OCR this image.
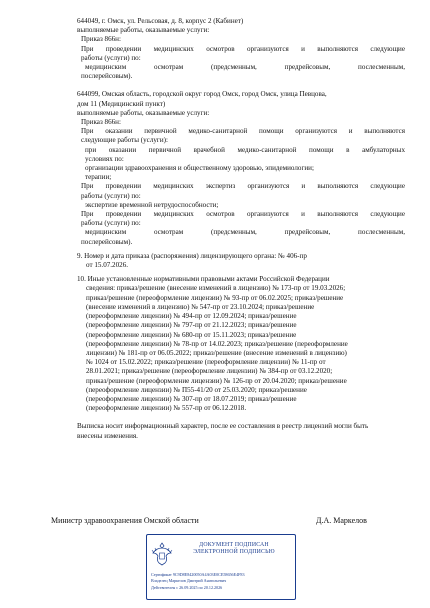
644049, г. Омск, ул. Рельсовая, д. 8, корпус 2 (Кабинет)
выполняемые работы, оказываемые услуги:
Приказ 866н:
При проведении медицинских осмотров организуются и выполняются следующие
работы (услуги) по:
медицинским осмотрам (предсменным, предрейсовым, послесменным,
послерейсовым).
644099, Омская область, городской округ город Омск, город Омск, улица Певцова,
дом 11 (Медицинский пункт)
выполняемые работы, оказываемые услуги:
Приказ 866н:
При оказании первичной медико-санитарной помощи организуются и выполняются
следующие работы (услуги):
при оказании первичной врачебной медико-санитарной помощи в амбулаторных
условиях по:
организации здравоохранения и общественному здоровью, эпидемиологии;
терапии;
При проведении медицинских экспертиз организуются и выполняются следующие
работы (услуги) по:
экспертизе временной нетрудоспособности;
При проведении медицинских осмотров организуются и выполняются следующие
работы (услуги) по:
медицинским осмотрам (предсменным, предрейсовым, послесменным,
послерейсовым).
9. Номер и дата приказа (распоряжения) лицензирующего органа: № 406-пр
от 15.07.2026.
10. Иные установленные нормативными правовыми актами Российской Федерации
сведения: приказ/решение (внесение изменений в лицензию) № 173-пр от 19.03.2026;
приказ/решение (переоформление лицензии) № 93-пр от 06.02.2025; приказ/решение
(внесение изменений в лицензию) № 547-пр от 23.10.2024; приказ/решение
(переоформление лицензии) № 494-пр от 12.09.2024; приказ/решение
(переоформление лицензии) № 797-пр от 21.12.2023; приказ/решение
(переоформление лицензии) № 680-пр от 15.11.2023; приказ/решение
(переоформление лицензии) № 78-пр от 14.02.2023; приказ/решение (переоформление
лицензии) № 181-пр от 06.05.2022; приказ/решение (внесение изменений в лицензию)
№ 1024 от 15.02.2022; приказ/решение (переоформление лицензии) № 11-пр от
28.01.2021; приказ/решение (переоформление лицензии) № 384-пр от 03.12.2020;
приказ/решение (переоформление лицензии) № 126-пр от 20.04.2020; приказ/решение
(переоформление лицензии) № П55-41/20 от 25.03.2020; приказ/решение
(переоформление лицензии) № 307-пр от 18.07.2019; приказ/решение
(переоформление лицензии) № 557-пр от 06.12.2018.
Выписка носит информационный характер, после ее составления в реестр лицензий могли быть
внесены изменения.
Министр здравоохранения Омской области	Д.А. Маркелов
ДОКУМЕНТ ПОДПИСАН
ЭЛЕКТРОННОЙ ПОДПИСЬЮ
Сертификат 9C9D8E8420050A4A03E0CE58656E4F83
Владелец Маркелов Дмитрий Анатольевич
Действителен с 26.09.2025 по 20.12.2026
